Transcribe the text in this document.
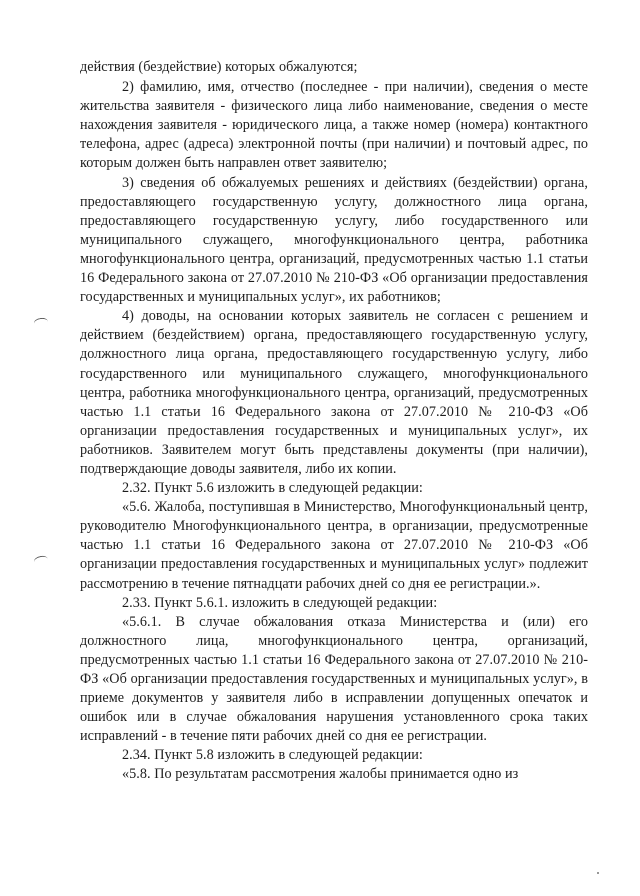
действия (бездействие) которых обжалуются;

2) фамилию, имя, отчество (последнее - при наличии), сведения о месте жительства заявителя - физического лица либо наименование, сведения о месте нахождения заявителя - юридического лица, а также номер (номера) контактного телефона, адрес (адреса) электронной почты (при наличии) и почтовый адрес, по которым должен быть направлен ответ заявителю;

3) сведения об обжалуемых решениях и действиях (бездействии) органа, предоставляющего государственную услугу, должностного лица органа, предоставляющего государственную услугу, либо государственного или муниципального служащего, многофункционального центра, работника многофункционального центра, организаций, предусмотренных частью 1.1 статьи 16 Федерального закона от 27.07.2010 № 210-ФЗ «Об организации предоставления государственных и муниципальных услуг», их работников;

4) доводы, на основании которых заявитель не согласен с решением и действием (бездействием) органа, предоставляющего государственную услугу, должностного лица органа, предоставляющего государственную услугу, либо государственного или муниципального служащего, многофункционального центра, работника многофункционального центра, организаций, предусмотренных частью 1.1 статьи 16 Федерального закона от 27.07.2010 № 210-ФЗ «Об организации предоставления государственных и муниципальных услуг», их работников. Заявителем могут быть представлены документы (при наличии), подтверждающие доводы заявителя, либо их копии.

2.32. Пункт 5.6 изложить в следующей редакции:

«5.6. Жалоба, поступившая в Министерство, Многофункциональный центр, руководителю Многофункционального центра, в организации, предусмотренные частью 1.1 статьи 16 Федерального закона от 27.07.2010 № 210-ФЗ «Об организации предоставления государственных и муниципальных услуг» подлежит рассмотрению в течение пятнадцати рабочих дней со дня ее регистрации.».

2.33. Пункт 5.6.1. изложить в следующей редакции:

«5.6.1. В случае обжалования отказа Министерства и (или) его должностного лица, многофункционального центра, организаций, предусмотренных частью 1.1 статьи 16 Федерального закона от 27.07.2010 № 210-ФЗ «Об организации предоставления государственных и муниципальных услуг», в приеме документов у заявителя либо в исправлении допущенных опечаток и ошибок или в случае обжалования нарушения установленного срока таких исправлений - в течение пяти рабочих дней со дня ее регистрации.

2.34. Пункт 5.8 изложить в следующей редакции:

«5.8. По результатам рассмотрения жалобы принимается одно из
